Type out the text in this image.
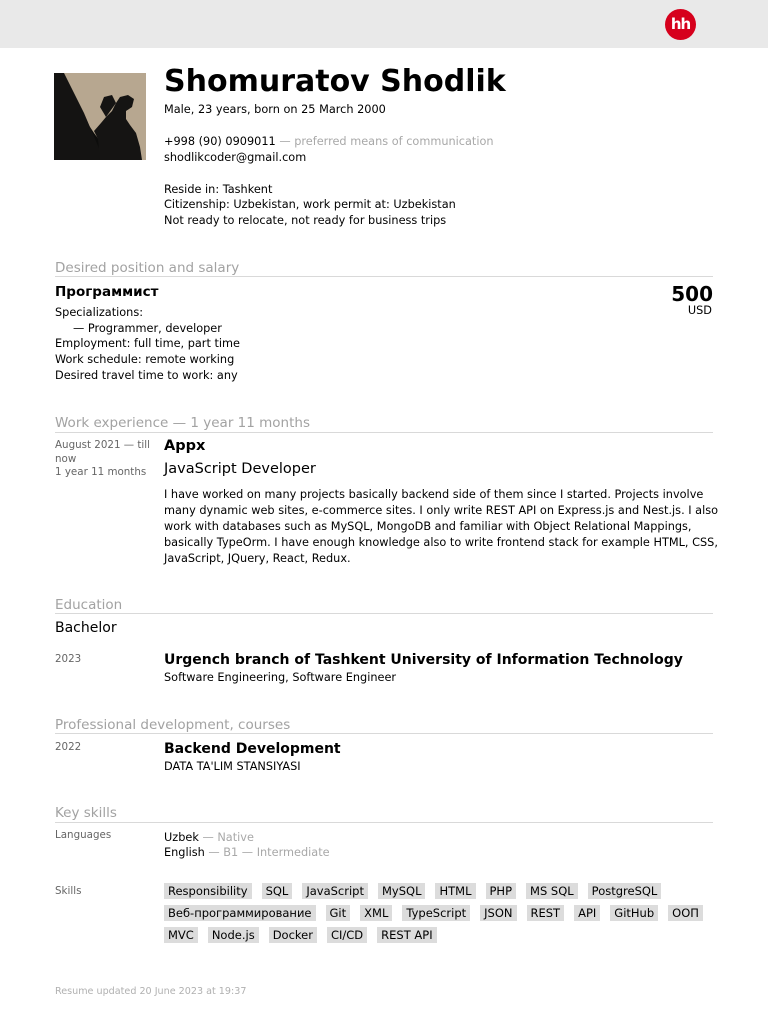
hh
Shomuratov Shodlik
Male, 23 years, born on 25 March 2000
+998 (90) 0909011 — preferred means of communication
shodlikcoder@gmail.com
Reside in: Tashkent
Citizenship: Uzbekistan, work permit at: Uzbekistan
Not ready to relocate, not ready for business trips
Desired position and salary
Программист	500
USD
Specializations:
— Programmer, developer
Employment: full time, part time
Work schedule: remote working
Desired travel time to work: any
Work experience — 1 year 11 months
August 2021 — till
now
1 year 11 months
Appx
JavaScript Developer
I have worked on many projects basically backend side of them since I started. Projects involve many dynamic web sites, e-commerce sites. I only write REST API on Express.js and Nest.js. I also work with databases such as MySQL, MongoDB and familiar with Object Relational Mappings, basically TypeOrm. I have enough knowledge also to write frontend stack for example HTML, CSS, JavaScript, JQuery, React, Redux.
Education
Bachelor
2023	Urgench branch of Tashkent University of Information Technology
Software Engineering, Software Engineer
Professional development, courses
2022	Backend Development
DATA TA'LIM STANSIYASI
Key skills
Languages	Uzbek — Native
English — B1 — Intermediate
Skills	Responsibility	SQL	JavaScript	MySQL	HTML	PHP	MS SQL	PostgreSQL
Веб-программирование	Git	XML	TypeScript	JSON	REST	API	GitHub	ООП
MVC	Node.js	Docker	CI/CD	REST API
Resume updated 20 June 2023 at 19:37
